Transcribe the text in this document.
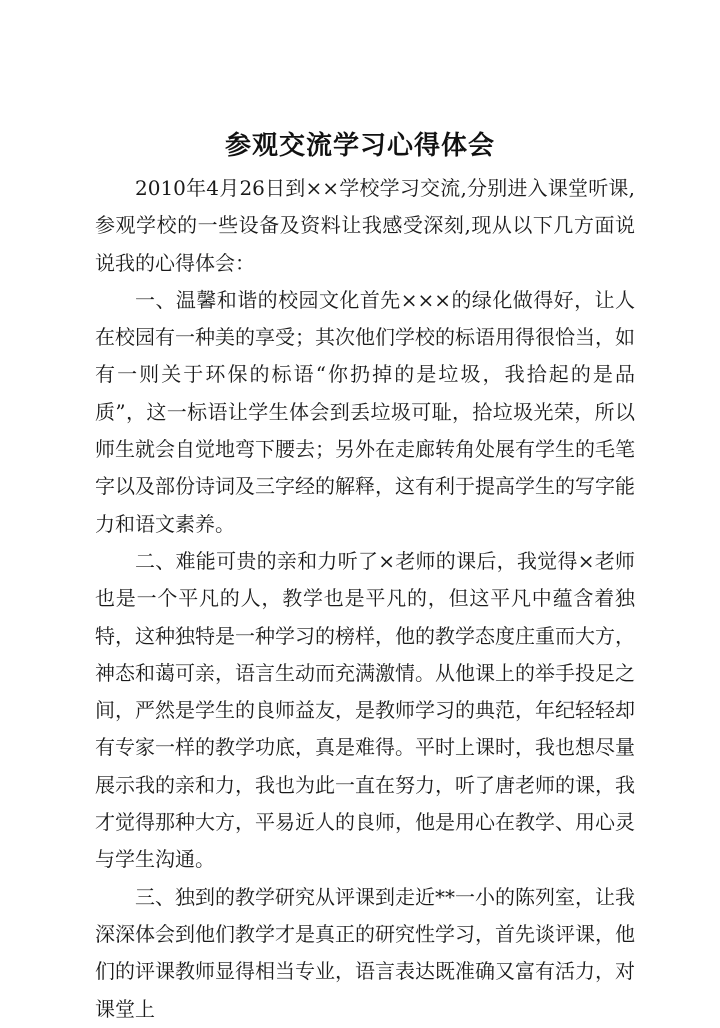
参观交流学习心得体会

2010年4月26日到××学校学习交流,分别进入课堂听课,参观学校的一些设备及资料让我感受深刻,现从以下几方面说说我的心得体会：

一、温馨和谐的校园文化首先×××的绿化做得好，让人在校园有一种美的享受；其次他们学校的标语用得很恰当，如有一则关于环保的标语“你扔掉的是垃圾，我拾起的是品质”，这一标语让学生体会到丢垃圾可耻，拾垃圾光荣，所以师生就会自觉地弯下腰去；另外在走廊转角处展有学生的毛笔字以及部份诗词及三字经的解释，这有利于提高学生的写字能力和语文素养。

二、难能可贵的亲和力听了×老师的课后，我觉得×老师也是一个平凡的人，教学也是平凡的，但这平凡中蕴含着独特，这种独特是一种学习的榜样，他的教学态度庄重而大方，神态和蔼可亲，语言生动而充满激情。从他课上的举手投足之间，严然是学生的良师益友，是教师学习的典范，年纪轻轻却有专家一样的教学功底，真是难得。平时上课时，我也想尽量展示我的亲和力，我也为此一直在努力，听了唐老师的课，我才觉得那种大方，平易近人的良师，他是用心在教学、用心灵与学生沟通。

三、独到的教学研究从评课到走近**一小的陈列室，让我深深体会到他们教学才是真正的研究性学习，首先谈评课，他们的评课教师显得相当专业，语言表达既准确又富有活力，对课堂上
